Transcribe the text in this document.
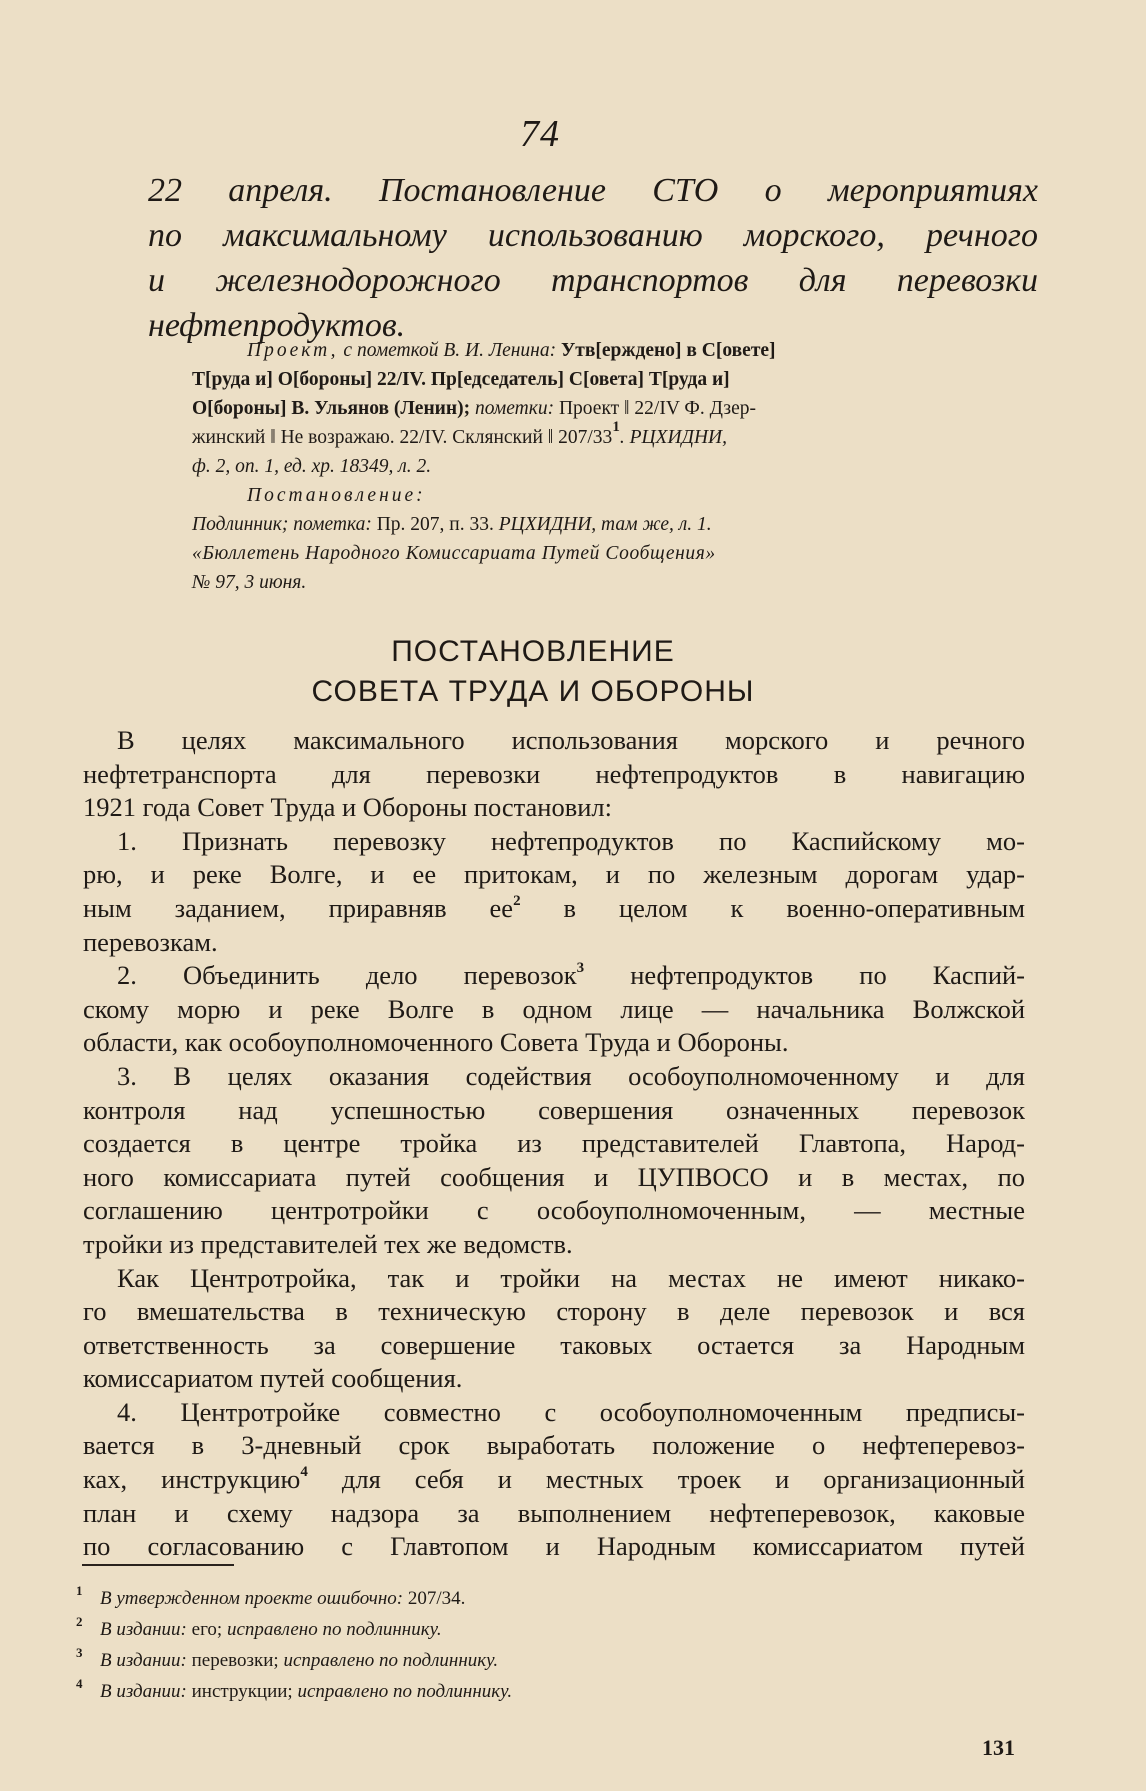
74
22 апреля. Постановление СТО о мероприятиях
по максимальному использованию морского, речного
и железнодорожного транспортов для перевозки
нефтепродуктов.
Проект, с пометкой В. И. Ленина: Утв[ерждено] в С[овете]
Т[руда и] О[бороны] 22/IV. Пр[едседатель] С[овета] Т[руда и]
О[бороны] В. Ульянов (Ленин); пометки: Проект ‖ 22/IV Ф. Дзер-
жинский ‖ Не возражаю. 22/IV. Склянский ‖ $207/33^1$. РЦХИДНИ,
ф. 2, оп. 1, ед. хр. 18349, л. 2.
Постановление:
Подлинник; пометка: Пр. 207, п. 33. РЦХИДНИ, там же, л. 1.
«Бюллетень Народного Комиссариата Путей Сообщения»
№ 97, 3 июня.
ПОСТАНОВЛЕНИЕ
СОВЕТА ТРУДА И ОБОРОНЫ
В целях максимального использования морского и речного
нефтетранспорта для перевозки нефтепродуктов в навигацию
1921 года Совет Труда и Обороны постановил:
1. Признать перевозку нефтепродуктов по Каспийскому мо-
рю, и реке Волге, и ее притокам, и по железным дорогам удар-
ным заданием, приравняв $ее^2$ в целом к военно-оперативным
перевозкам.
2. Объединить дело перевозок$^3$ нефтепродуктов по Каспий-
скому морю и реке Волге в одном лице — начальника Волжской
области, как особоуполномоченного Совета Труда и Обороны.
3. В целях оказания содействия особоуполномоченному и для
контроля над успешностью совершения означенных перевозок
создается в центре тройка из представителей Главтопа, Народ-
ного комиссариата путей сообщения и ЦУПВОСО и в местах, по
соглашению центротройки с особоуполномоченным, — местные
тройки из представителей тех же ведомств.
Как Центротройка, так и тройки на местах не имеют никако-
го вмешательства в техническую сторону в деле перевозок и вся
ответственность за совершение таковых остается за Народным
комиссариатом путей сообщения.
4. Центротройке совместно с особоуполномоченным предписы-
вается в 3-дневный срок выработать положение о нефтеперевоз-
ках, инструкцию$^4$ для себя и местных троек и организационный
план и схему надзора за выполнением нефтеперевозок, каковые
по согласованию с Главтопом и Народным комиссариатом путей
1 В утвержденном проекте ошибочно: 207/34.
2 В издании: его; исправлено по подлиннику.
3 В издании: перевозки; исправлено по подлиннику.
4 В издании: инструкции; исправлено по подлиннику.
131
